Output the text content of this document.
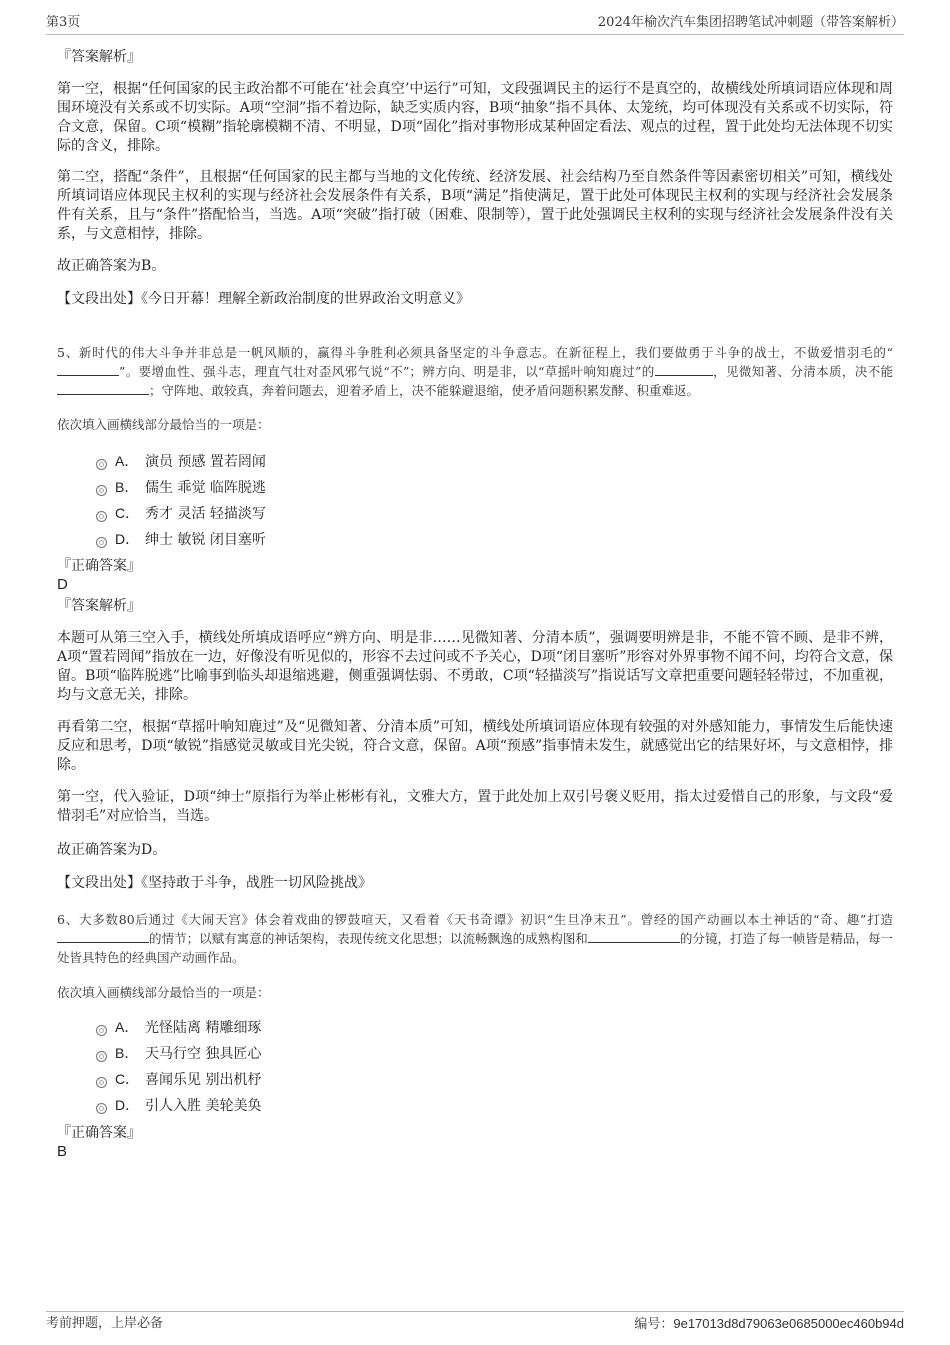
第3页	2024年榆次汽车集团招聘笔试冲刺题（带答案解析）
『答案解析』

第一空，根据“任何国家的民主政治都不可能在‘社会真空’中运行”可知，文段强调民主的运行不是真空的，故横线处所填词语应体现和周围环境没有关系或不切实际。A项“空洞”指不着边际，缺乏实质内容，B项“抽象”指不具体、太笼统，均可体现没有关系或不切实际，符合文意，保留。C项“模糊”指轮廓模糊不清、不明显，D项“固化”指对事物形成某种固定看法、观点的过程，置于此处均无法体现不切实际的含义，排除。

第二空，搭配“条件”，且根据“任何国家的民主都与当地的文化传统、经济发展、社会结构乃至自然条件等因素密切相关”可知，横线处所填词语应体现民主权利的实现与经济社会发展条件有关系，B项“满足”指使满足，置于此处可体现民主权利的实现与经济社会发展条件有关系，且与“条件”搭配恰当，当选。A项“突破”指打破（困难、限制等），置于此处强调民主权利的实现与经济社会发展条件没有关系，与文意相悖，排除。

故正确答案为B。

【文段出处】《今日开幕！理解全新政治制度的世界政治文明意义》

5、新时代的伟大斗争并非总是一帆风顺的，赢得斗争胜利必须具备坚定的斗争意志。在新征程上，我们要做勇于斗争的战士，不做爱惜羽毛的“”。要增血性、强斗志，理直气壮对歪风邪气说“不”；辨方向、明是非，以“草摇叶响知鹿过”的	，见微知著、分清本质，决不能；守阵地、敢较真，奔着问题去，迎着矛盾上，决不能躲避退缩，使矛盾问题积累发酵、积重难返。

依次填入画横线部分最恰当的一项是：
A． 演员 预感 置若罔闻
B． 儒生 乖觉 临阵脱逃
C． 秀才 灵活 轻描淡写
D． 绅士 敏锐 闭目塞听
『正确答案』
D
『答案解析』

本题可从第三空入手，横线处所填成语呼应“辨方向、明是非……见微知著、分清本质”，强调要明辨是非，不能不管不顾、是非不辨，A项“置若罔闻”指放在一边，好像没有听见似的，形容不去过问或不予关心，D项“闭目塞听”形容对外界事物不闻不问，均符合文意，保留。B项“临阵脱逃”比喻事到临头却退缩逃避，侧重强调怯弱、不勇敢，C项“轻描淡写”指说话写文章把重要问题轻轻带过，不加重视，均与文意无关，排除。

再看第二空，根据“草摇叶响知鹿过”及“见微知著、分清本质”可知，横线处所填词语应体现有较强的对外感知能力，事情发生后能快速反应和思考，D项“敏锐”指感觉灵敏或目光尖锐，符合文意，保留。A项“预感”指事情未发生，就感觉出它的结果好坏，与文意相悖，排除。

第一空，代入验证，D项“绅士”原指行为举止彬彬有礼，文雅大方，置于此处加上双引号褒义贬用，指太过爱惜自己的形象，与文段“爱惜羽毛”对应恰当，当选。

故正确答案为D。

【文段出处】《坚持敢于斗争，战胜一切风险挑战》

6、大多数80后通过《大闹天宫》体会着戏曲的锣鼓喧天，又看着《天书奇谭》初识“生旦净末丑”。曾经的国产动画以本土神话的“奇、趣”打造的情节；以赋有寓意的神话架构，表现传统文化思想；以流畅飘逸的成熟构图和	的分镜，打造了每一帧皆是精品，每一处皆具特色的经典国产动画作品。

依次填入画横线部分最恰当的一项是：
A． 光怪陆离 精雕细琢
B． 天马行空 独具匠心
C． 喜闻乐见 别出机杼
D． 引人入胜 美轮美奂
『正确答案』
B
考前押题，上岸必备	编号：9e17013d8d79063e0685000ec460b94d
